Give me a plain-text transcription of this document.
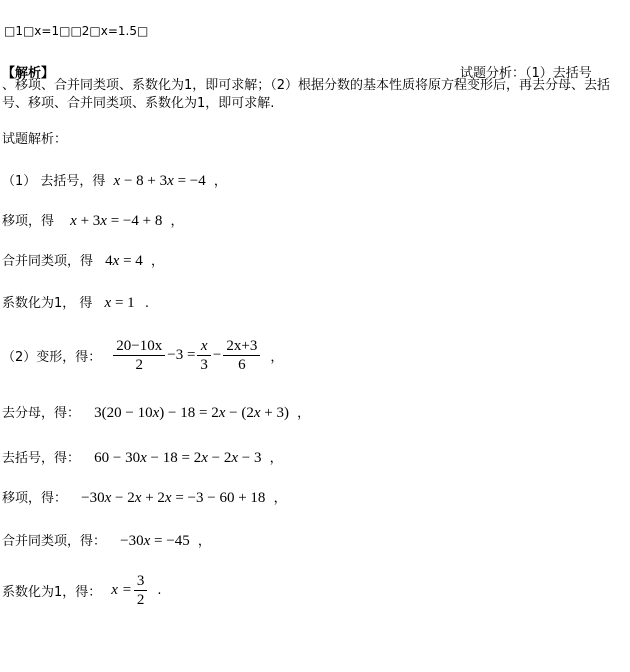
□1□x=1□□2□x=1.5□
【解析】	试题分析：（1）去括号
、移项、合并同类项、系数化为1，即可求解；（2）根据分数的基本性质将原方程变形后，再去分母、去括号、移项、合并同类项、系数化为1，即可求解.
试题解析：
（1） 去括号，得 x − 8 + 3x = −4 ，
移项，得 x + 3x = −4 + 8 ，
合并同类项，得 4x = 4 ，
系数化为1， 得 x = 1 .
（2）变形，得： $\frac{20-10x}{2} -3 = \frac{x}{3} - \frac{2x+3}{6}$ ，
去分母，得： 3(20 − 10x) − 18 = 2x − (2x + 3) ，
去括号，得： 60 − 30x − 18 = 2x − 2x − 3 ，
移项，得： −30x − 2x + 2x = −3 − 60 + 18 ，
合并同类项，得： −30x = −45 ，
系数化为1，得： $x = \frac{3}{2}$ .
